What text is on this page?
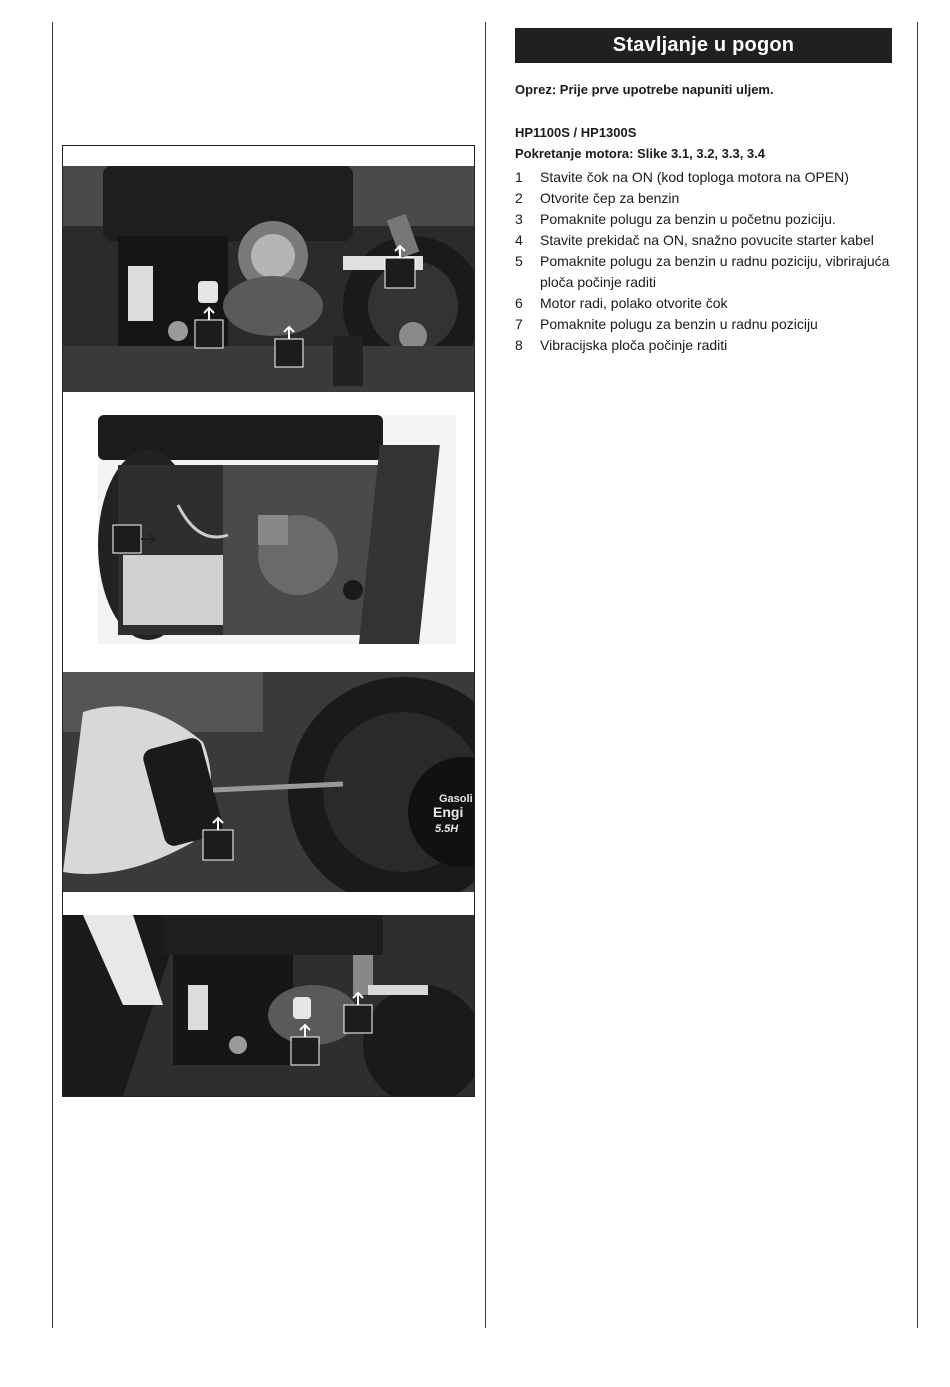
Stavljanje u pogon
Oprez: Prije prve upotrebe napuniti uljem.
HP1100S / HP1300S
Pokretanje motora: Slike 3.1, 3.2, 3.3, 3.4
1	Stavite čok na ON (kod toploga motora na OPEN)
2	Otvorite čep za benzin
3	Pomaknite polugu za benzin u početnu poziciju.
4	Stavite prekidač na ON, snažno povucite starter kabel
5	Pomaknite polugu za benzin u radnu poziciju, vibrirajuća ploča počinje raditi
6	Motor radi, polako otvorite čok
7	Pomaknite polugu za benzin u radnu poziciju
8	Vibracijska ploča počinje raditi
Gasoli
Engi
5.5H
